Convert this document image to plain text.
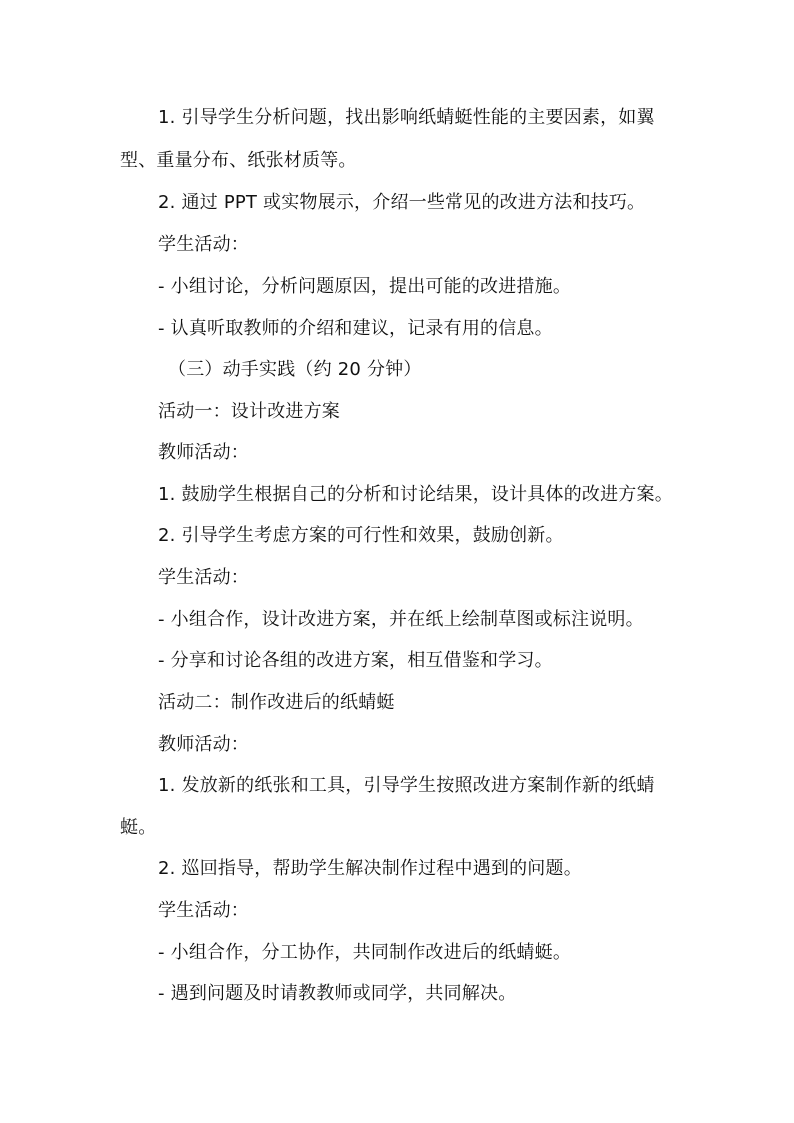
1. 引导学生分析问题，找出影响纸蜻蜓性能的主要因素，如翼
型、重量分布、纸张材质等。
2. 通过 PPT 或实物展示，介绍一些常见的改进方法和技巧。
学生活动：
- 小组讨论，分析问题原因，提出可能的改进措施。
- 认真听取教师的介绍和建议，记录有用的信息。
（三）动手实践（约 20 分钟）
活动一：设计改进方案
教师活动：
1. 鼓励学生根据自己的分析和讨论结果，设计具体的改进方案。
2. 引导学生考虑方案的可行性和效果，鼓励创新。
学生活动：
- 小组合作，设计改进方案，并在纸上绘制草图或标注说明。
- 分享和讨论各组的改进方案，相互借鉴和学习。
活动二：制作改进后的纸蜻蜓
教师活动：
1. 发放新的纸张和工具，引导学生按照改进方案制作新的纸蜻
蜓。
2. 巡回指导，帮助学生解决制作过程中遇到的问题。
学生活动：
- 小组合作，分工协作，共同制作改进后的纸蜻蜓。
- 遇到问题及时请教教师或同学，共同解决。
